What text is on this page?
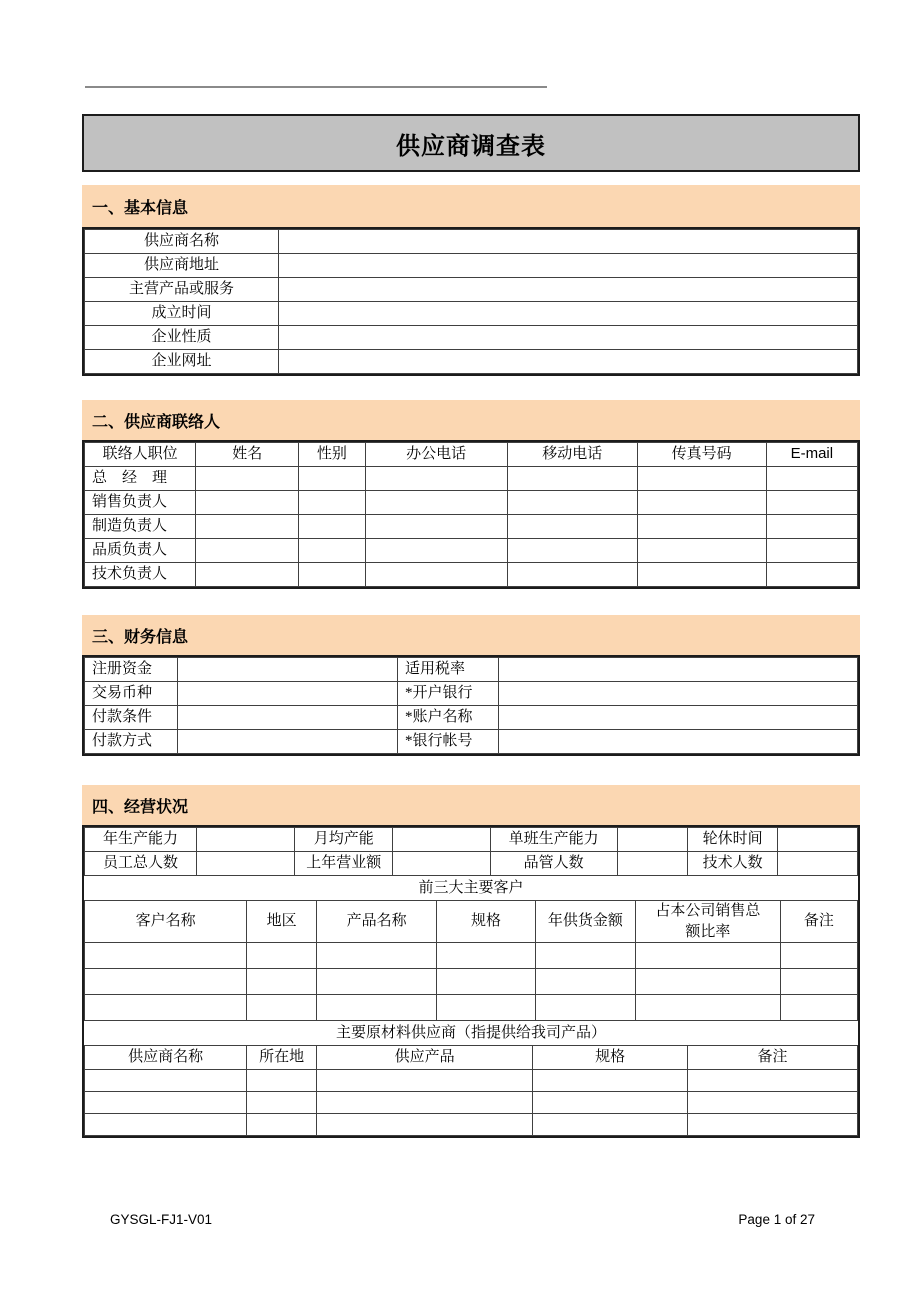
供应商调查表
一、基本信息
供应商名称	
供应商地址	
主营产品或服务	
成立时间	
企业性质	
企业网址	
二、供应商联络人
联络人职位	姓名	性别	办公电话	移动电话	传真号码	E-mail
总　经　理						
销售负责人						
制造负责人						
品质负责人						
技术负责人						
三、财务信息
注册资金		适用税率	
交易币种		*开户银行	
付款条件		*账户名称	
付款方式		*银行帐号	
四、经营状况
年生产能力		月均产能		单班生产能力		轮休时间	
员工总人数		上年营业额		品管人数		技术人数	
前三大主要客户
客户名称	地区	产品名称	规格	年供货金额	占本公司销售总额比率	备注

主要原材料供应商（指提供给我司产品）
供应商名称	所在地	供应产品	规格	备注

GYSGL-FJ1-V01	Page 1 of 27
